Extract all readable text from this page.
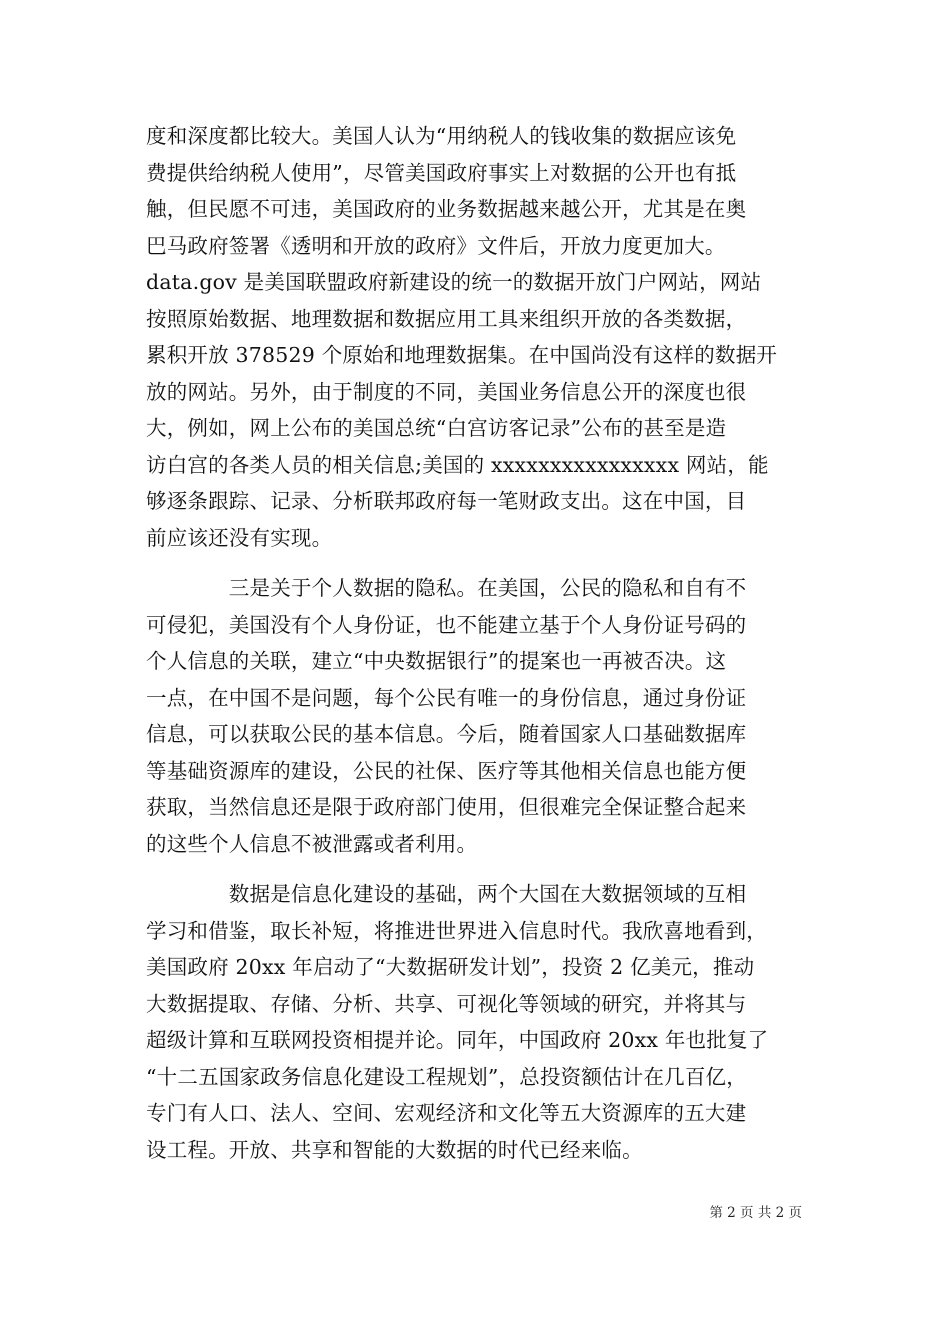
度和深度都比较大。美国人认为“用纳税人的钱收集的数据应该免
费提供给纳税人使用”，尽管美国政府事实上对数据的公开也有抵
触，但民愿不可违，美国政府的业务数据越来越公开，尤其是在奥
巴马政府签署《透明和开放的政府》文件后，开放力度更加大。
data.gov 是美国联盟政府新建设的统一的数据开放门户网站，网站
按照原始数据、地理数据和数据应用工具来组织开放的各类数据，
累积开放 378529 个原始和地理数据集。在中国尚没有这样的数据开
放的网站。另外，由于制度的不同，美国业务信息公开的深度也很
大，例如，网上公布的美国总统“白宫访客记录”公布的甚至是造
访白宫的各类人员的相关信息;美国的 xxxxxxxxxxxxxxxx 网站，能
够逐条跟踪、记录、分析联邦政府每一笔财政支出。这在中国，目
前应该还没有实现。
　　　　三是关于个人数据的隐私。在美国，公民的隐私和自有不
可侵犯，美国没有个人身份证，也不能建立基于个人身份证号码的
个人信息的关联，建立“中央数据银行”的提案也一再被否决。这
一点，在中国不是问题，每个公民有唯一的身份信息，通过身份证
信息，可以获取公民的基本信息。今后，随着国家人口基础数据库
等基础资源库的建设，公民的社保、医疗等其他相关信息也能方便
获取，当然信息还是限于政府部门使用，但很难完全保证整合起来
的这些个人信息不被泄露或者利用。
　　　　数据是信息化建设的基础，两个大国在大数据领域的互相
学习和借鉴，取长补短，将推进世界进入信息时代。我欣喜地看到，
美国政府 20xx 年启动了“大数据研发计划”，投资 2 亿美元，推动
大数据提取、存储、分析、共享、可视化等领域的研究，并将其与
超级计算和互联网投资相提并论。同年，中国政府 20xx 年也批复了
“十二五国家政务信息化建设工程规划”，总投资额估计在几百亿，
专门有人口、法人、空间、宏观经济和文化等五大资源库的五大建
设工程。开放、共享和智能的大数据的时代已经来临。
第 2 页 共 2 页
